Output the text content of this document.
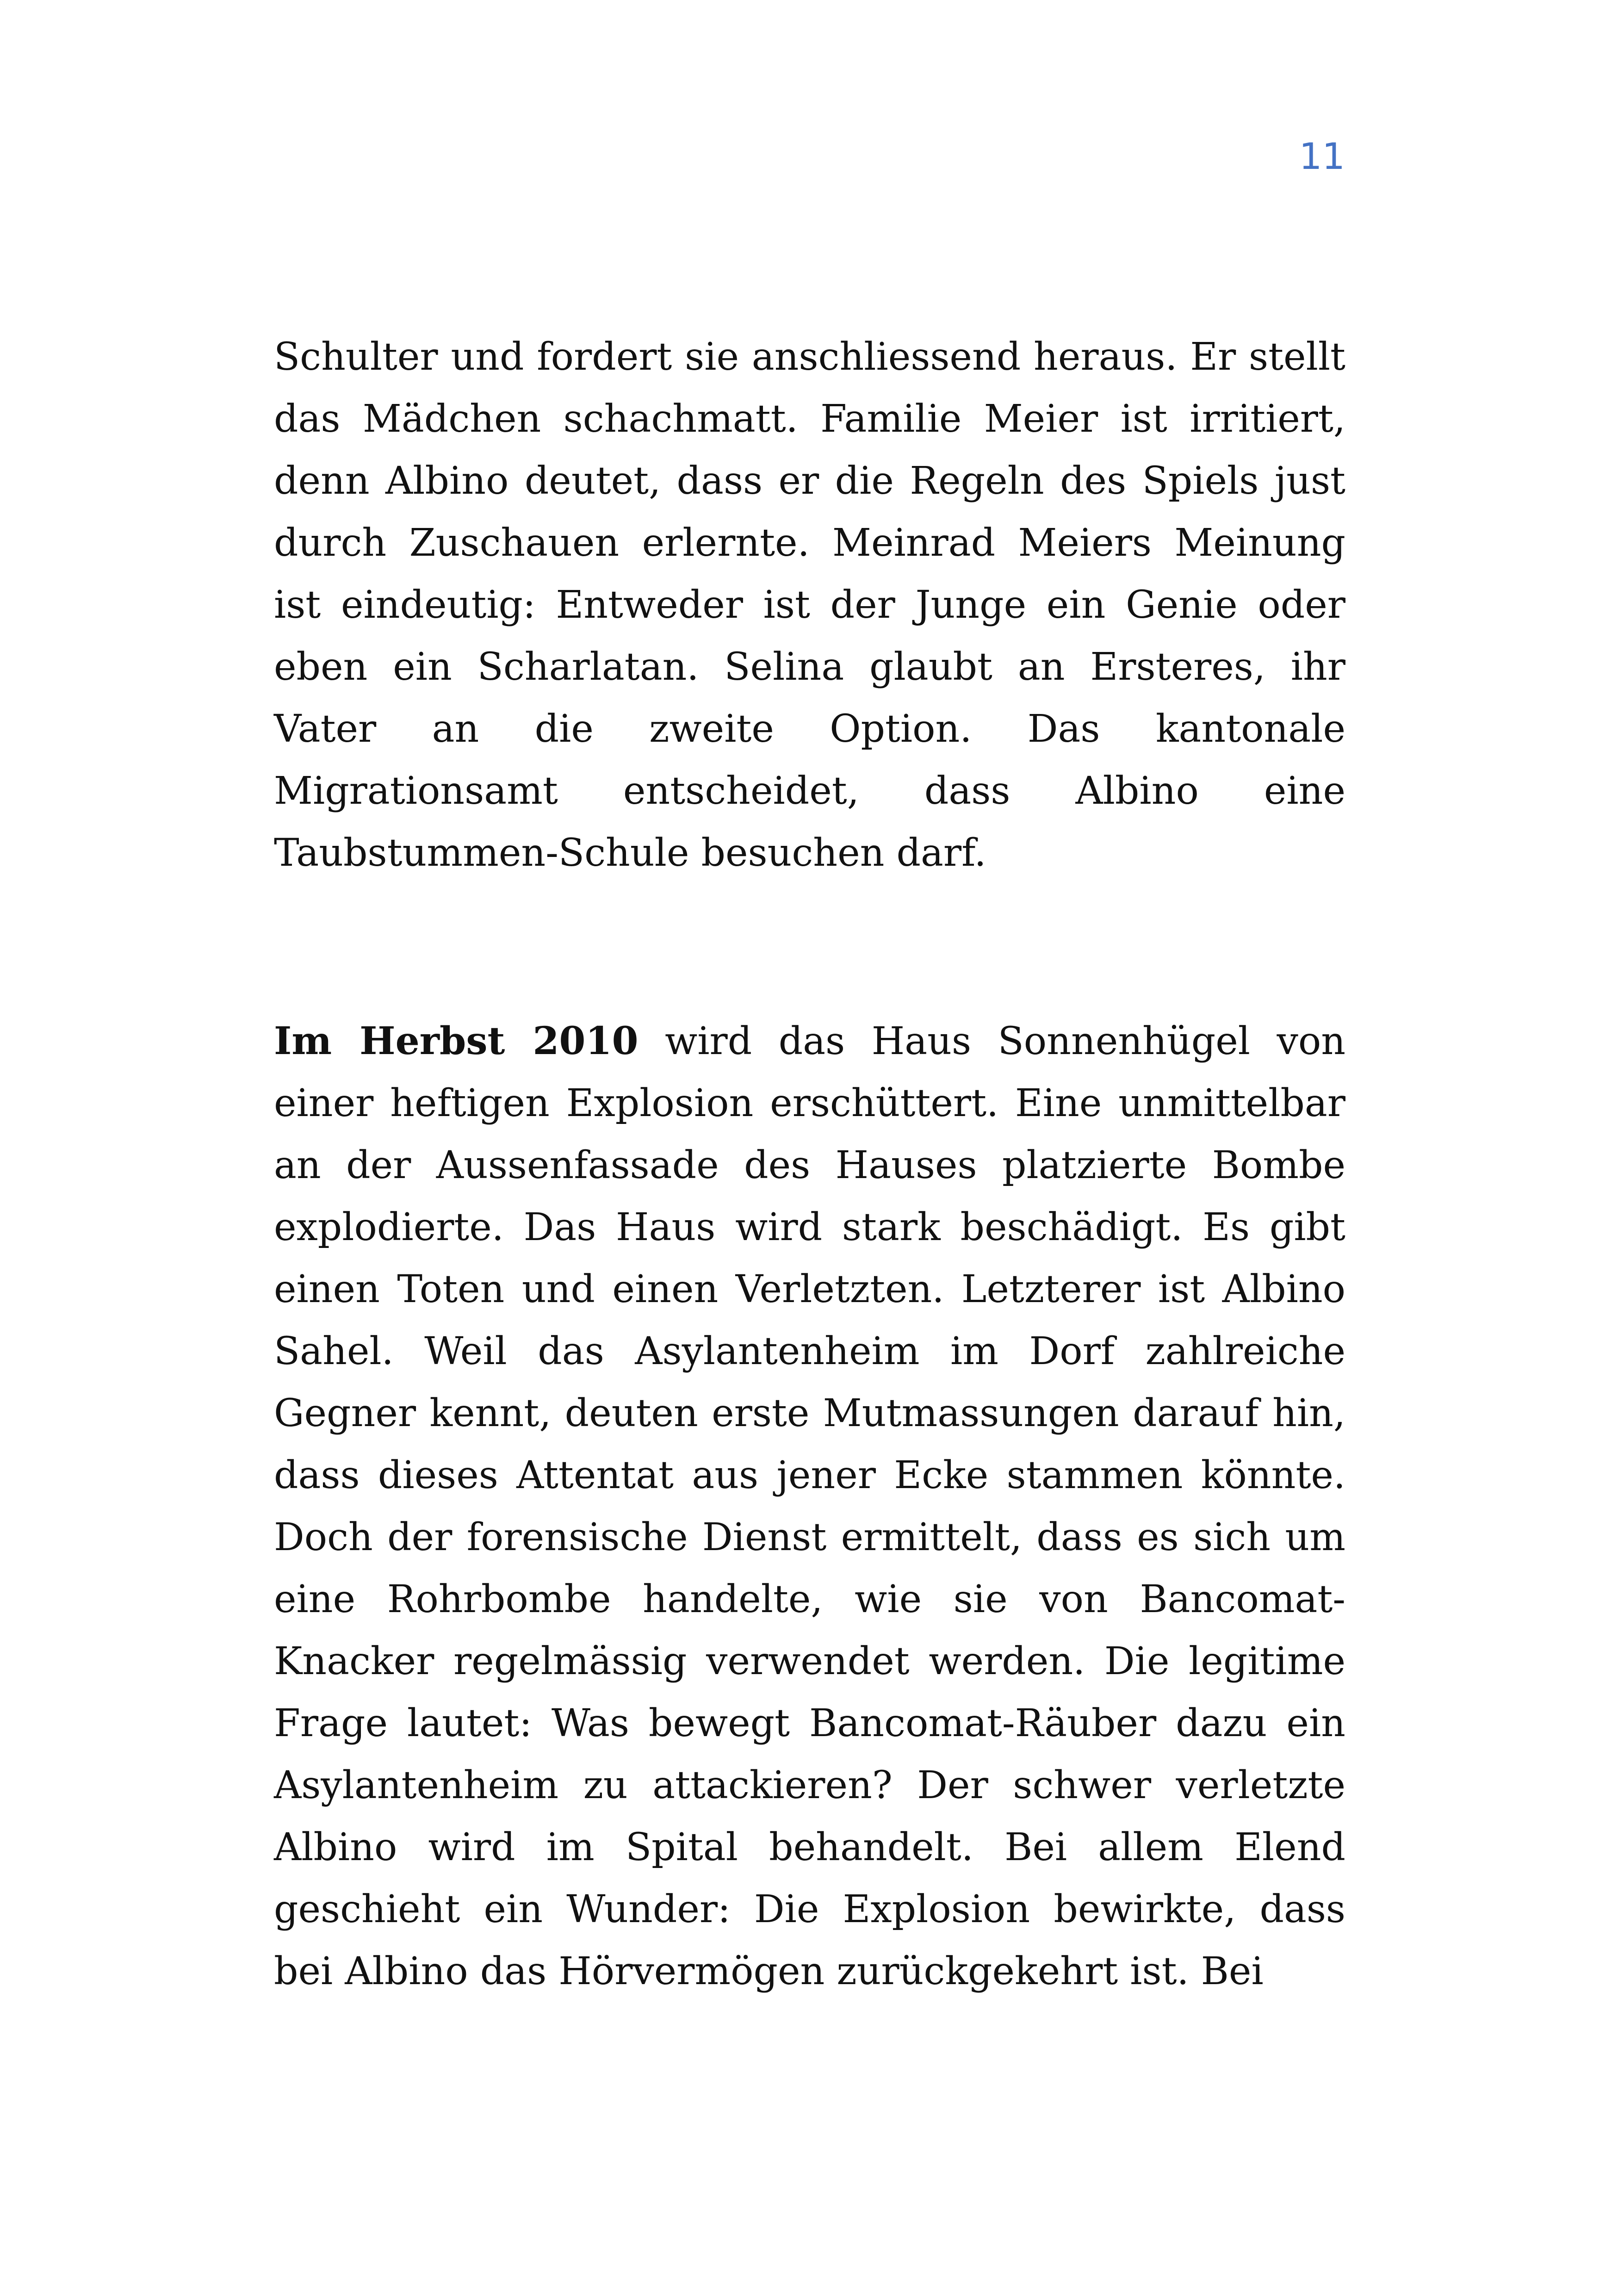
11

Schulter und fordert sie anschliessend heraus. Er stellt das Mädchen schachmatt. Familie Meier ist irritiert, denn Albino deutet, dass er die Regeln des Spiels just durch Zuschauen erlernte. Meinrad Meiers Meinung ist eindeutig: Entweder ist der Junge ein Genie oder eben ein Scharlatan. Selina glaubt an Ersteres, ihr Vater an die zweite Option. Das kantonale Migrationsamt entscheidet, dass Albino eine Taubstummen-Schule besuchen darf.

Im Herbst 2010 wird das Haus Sonnenhügel von einer heftigen Explosion erschüttert. Eine unmittelbar an der Aussenfassade des Hauses platzierte Bombe explodierte. Das Haus wird stark beschädigt. Es gibt einen Toten und einen Verletzten. Letzterer ist Albino Sahel. Weil das Asylantenheim im Dorf zahlreiche Gegner kennt, deuten erste Mutmassungen darauf hin, dass dieses Attentat aus jener Ecke stammen könnte. Doch der forensische Dienst ermittelt, dass es sich um eine Rohrbombe handelte, wie sie von Bancomat-Knacker regelmässig verwendet werden. Die legitime Frage lautet: Was bewegt Bancomat-Räuber dazu ein Asylantenheim zu attackieren? Der schwer verletzte Albino wird im Spital behandelt. Bei allem Elend geschieht ein Wunder: Die Explosion bewirkte, dass bei Albino das Hörvermögen zurückgekehrt ist. Bei
